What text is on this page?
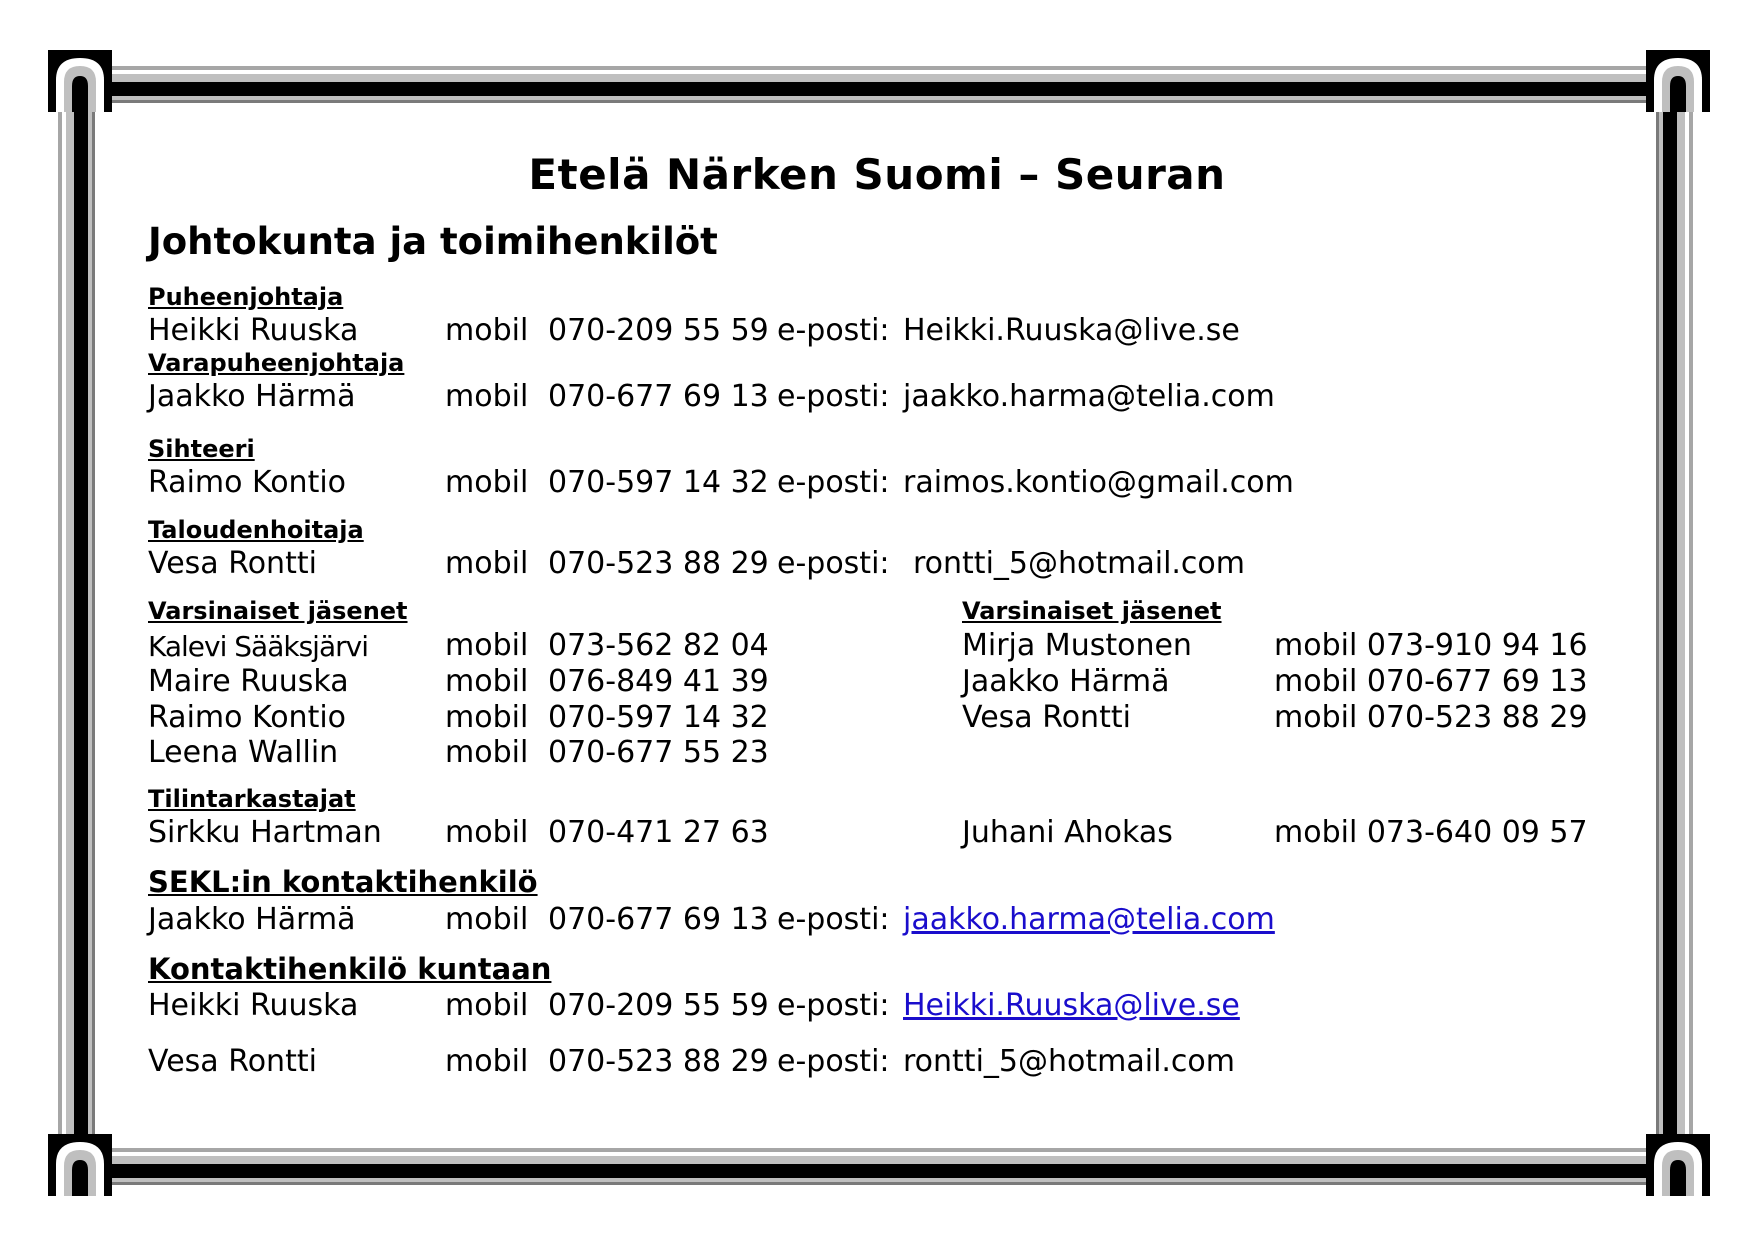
Etelä Närken Suomi – Seuran
Johtokunta ja toimihenkilöt
Puheenjohtaja
Heikki Ruuska	mobil 070-209 55 59 e-posti: Heikki.Ruuska@live.se
Varapuheenjohtaja
Jaakko Härmä	mobil 070-677 69 13 e-posti: jaakko.harma@telia.com
Sihteeri
Raimo Kontio	mobil 070-597 14 32 e-posti: raimos.kontio@gmail.com
Taloudenhoitaja
Vesa Rontti	mobil 070-523 88 29 e-posti: rontti_5@hotmail.com
Varsinaiset jäsenet	Varsinaiset jäsenet
Kalevi Sääksjärvi	mobil 073-562 82 04	Mirja Mustonen	mobil 073-910 94 16
Maire Ruuska	mobil 076-849 41 39	Jaakko Härmä	mobil 070-677 69 13
Raimo Kontio	mobil 070-597 14 32	Vesa Rontti	mobil 070-523 88 29
Leena Wallin	mobil 070-677 55 23
Tilintarkastajat
Sirkku Hartman mobil 070-471 27 63	Juhani Ahokas	mobil 073-640 09 57
SEKL:in kontaktihenkilö
Jaakko Härmä	mobil 070-677 69 13 e-posti: jaakko.harma@telia.com
Kontaktihenkilö kuntaan
Heikki Ruuska	mobil 070-209 55 59 e-posti: Heikki.Ruuska@live.se
Vesa Rontti	mobil 070-523 88 29 e-posti: rontti_5@hotmail.com
